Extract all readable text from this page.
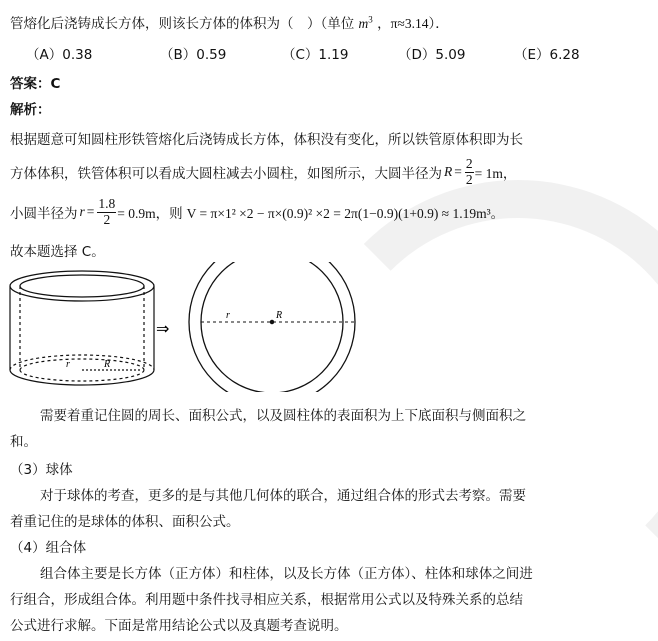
管熔化后浇铸成长方体，则该长方体的体积为（　）（单位 $m^3$ ，π≈3.14）．
（A）0.38	（B）0.59	（C）1.19	（D）5.09	（E）6.28
答案：C
解析：
根据题意可知圆柱形铁管熔化后浇铸成长方体，体积没有变化，所以铁管原体积即为长
方体体积，铁管体积可以看成大圆柱减去小圆柱，如图所示，大圆半径为 $R = \frac{2}{2} = 1m$，
小圆半径为 $r = \frac{1.8}{2} = 0.9m$，则 V = π×1² ×2 − π×(0.9)² ×2 = 2π(1−0.9)(1+0.9) ≈ 1.19m³。
故本题选择 C。
r	R
⇒
r	R
需要着重记住圆的周长、面积公式，以及圆柱体的表面积为上下底面积与侧面积之
和。
（3）球体
对于球体的考查，更多的是与其他几何体的联合，通过组合体的形式去考察。需要
着重记住的是球体的体积、面积公式。
（4）组合体
组合体主要是长方体（正方体）和柱体，以及长方体（正方体）、柱体和球体之间进
行组合，形成组合体。利用题中条件找寻相应关系，根据常用公式以及特殊关系的总结
公式进行求解。下面是常用结论公式以及真题考查说明。
